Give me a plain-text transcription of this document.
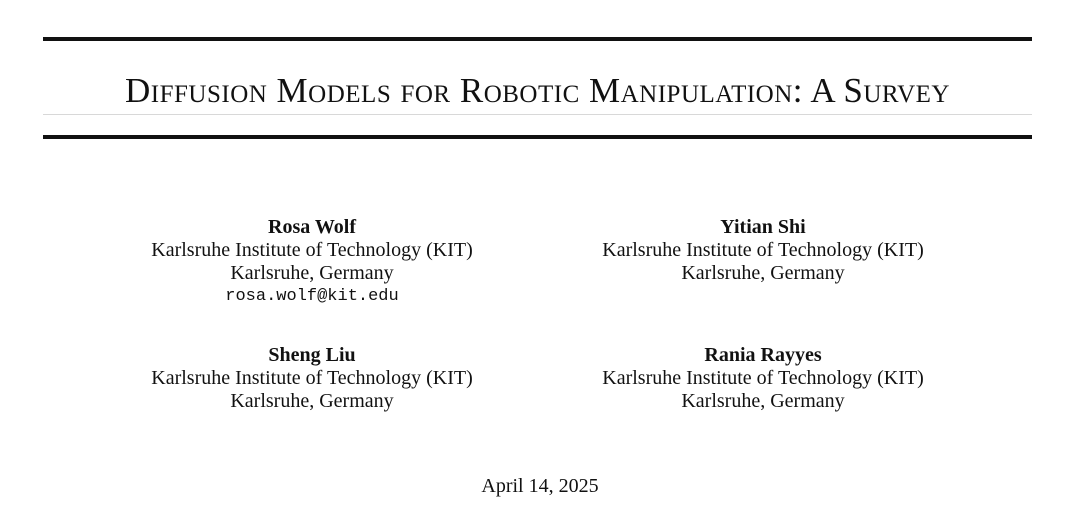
Diffusion Models for Robotic Manipulation: A Survey
Rosa Wolf
Karlsruhe Institute of Technology (KIT)
Karlsruhe, Germany
rosa.wolf@kit.edu
Yitian Shi
Karlsruhe Institute of Technology (KIT)
Karlsruhe, Germany
Sheng Liu
Karlsruhe Institute of Technology (KIT)
Karlsruhe, Germany
Rania Rayyes
Karlsruhe Institute of Technology (KIT)
Karlsruhe, Germany
April 14, 2025
